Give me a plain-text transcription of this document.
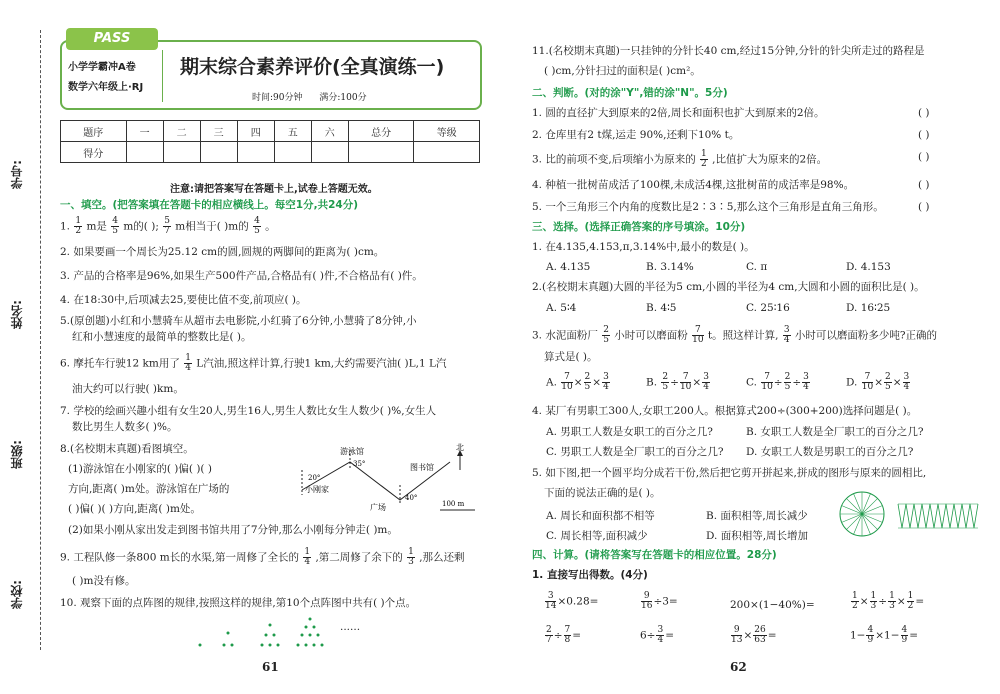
学号:
姓名:
班级:
学校:
PASS
小学学霸冲A卷
数学六年级上·RJ
期末综合素养评价(全真演练一)
时间:90分钟 满分:100分
题序	一	二	三	四	五	六	总分	等级
得分								
注意:请把答案写在答题卡上,试卷上答题无效。
一、填空。(把答案填在答题卡的相应横线上。每空1分,共24分)
1. $\frac{1}{2}$ m是 $\frac{4}{5}$ m的( ); $\frac{5}{7}$ m相当于( )m的 $\frac{4}{5}$ 。
2. 如果要画一个周长为25.12 cm的圆,圆规的两脚间的距离为( )cm。
3. 产品的合格率是96%,如果生产500件产品,合格品有( )件,不合格品有( )件。
4. 在18:30中,后项减去25,要使比值不变,前项应( )。
5.(原创题)小红和小慧骑车从超市去电影院,小红骑了6分钟,小慧骑了8分钟,小
红和小慧速度的最简单的整数比是( )。
6. 摩托车行驶12 km用了 $\frac{1}{4}$ L汽油,照这样计算,行驶1 km,大约需要汽油( )L,1 L汽
油大约可以行驶( )km。
7. 学校的绘画兴趣小组有女生20人,男生16人,男生人数比女生人数少( )%,女生人
数比男生人数多( )%。
8.(名校期末真题)看图填空。
(1)游泳馆在小刚家的( )偏( )( )
方向,距离( )m处。游泳馆在广场的
( )偏( )( )方向,距离( )m处。
(2)如果小刚从家出发走到图书馆共用了7分钟,那么小刚每分钟走( )m。
游泳馆
小刚家
图书馆
广场
北
20°
35°
40°
100 m
9. 工程队修一条800 m长的水渠,第一周修了全长的 $\frac{1}{4}$ ,第二周修了余下的 $\frac{1}{3}$ ,那么还剩
( )m没有修。
10. 观察下面的点阵图的规律,按照这样的规律,第10个点阵图中共有( )个点。
......
61
11.(名校期末真题)一只挂钟的分针长40 cm,经过15分钟,分针的针尖所走过的路程是
( )cm,分针扫过的面积是( )cm²。
二、判断。(对的涂"Y",错的涂"N"。5分)
1. 圆的直径扩大到原来的2倍,周长和面积也扩大到原来的2倍。	( )
2. 仓库里有2 t煤,运走 90%,还剩下10% t。	( )
3. 比的前项不变,后项缩小为原来的 $\frac{1}{2}$ ,比值扩大为原来的2倍。	( )
4. 种植一批树苗成活了100棵,未成活4棵,这批树苗的成活率是98%。	( )
5. 一个三角形三个内角的度数比是2∶3∶5,那么这个三角形是直角三角形。	( )
三、选择。(选择正确答案的序号填涂。10分)
1. 在4.135,4.153,π,3.14%中,最小的数是( )。
A. 4.135	B. 3.14%	C. π	D. 4.153
2.(名校期末真题)大圆的半径为5 cm,小圆的半径为4 cm,大圆和小圆的面积比是( )。
A. 5∶4	B. 4∶5	C. 25∶16	D. 16∶25
3. 水泥面粉厂 $\frac{2}{5}$ 小时可以磨面粉 $\frac{7}{10}$ t。照这样计算, $\frac{3}{4}$ 小时可以磨面粉多少吨?正确的
算式是( )。
A. $\frac{7}{10} \times \frac{2}{5} \times \frac{3}{4}$	B. $\frac{2}{5} \div \frac{7}{10} \times \frac{3}{4}$	C. $\frac{7}{10} \div \frac{2}{5} \div \frac{3}{4}$	D. $\frac{7}{10} \times \frac{2}{5} \times \frac{3}{4}$
4. 某厂有男职工300人,女职工200人。根据算式200÷(300+200)选择问题是( )。
A. 男职工人数是女职工的百分之几?	B. 女职工人数是全厂职工的百分之几?
C. 男职工人数是全厂职工的百分之几? D. 女职工人数是男职工的百分之几?
5. 如下图,把一个圆平均分成若干份,然后把它剪开拼起来,拼成的图形与原来的圆相比,
下面的说法正确的是( )。
A. 周长和面积都不相等	B. 面积相等,周长减少
C. 周长相等,面积减少	D. 面积相等,周长增加
四、计算。(请将答案写在答题卡的相应位置。28分)
1. 直接写出得数。(4分)
$\frac{3}{14} \times 0.28=$	$\frac{9}{16} \div 3=$	200×(1−40%)=	$\frac{1}{2} \times \frac{1}{3} \div \frac{1}{3} \times \frac{1}{2}$ =
$\frac{2}{7} \div \frac{7}{8}$ =	$6\div \frac{3}{4}$ =	$\frac{9}{13} \times \frac{26}{63}$ =	$1- \frac{4}{9} \times 1- \frac{4}{9}$ =
62
